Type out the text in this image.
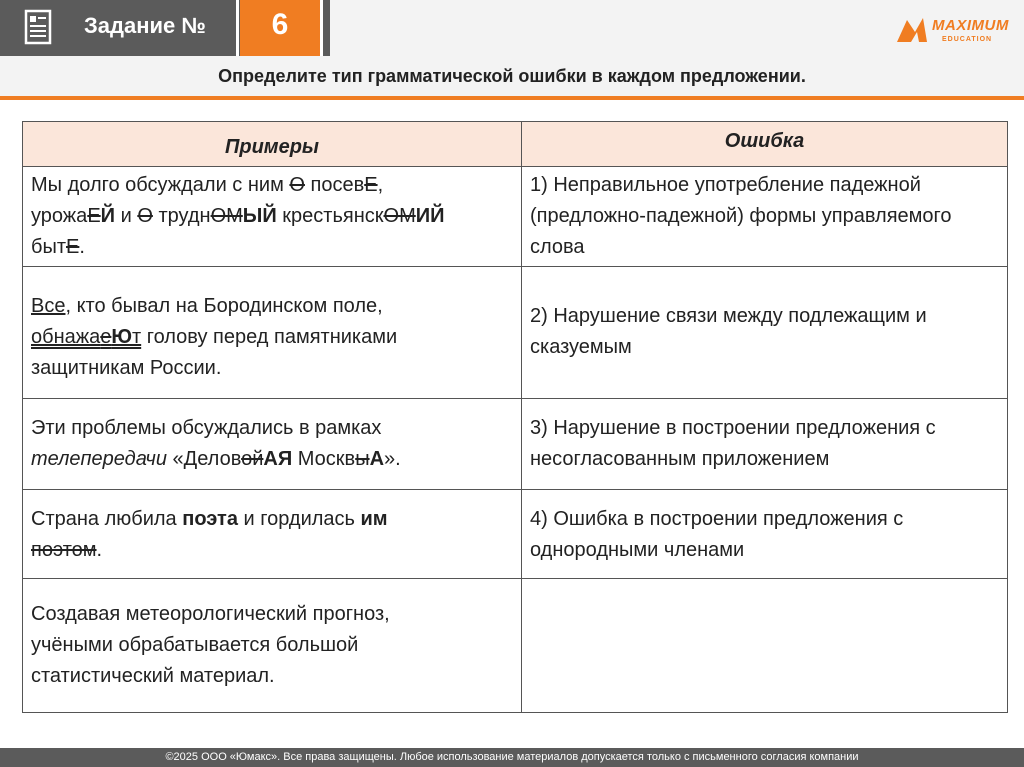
Задание №	6	MAXIMUM
EDUCATION
Определите тип грамматической ошибки в каждом предложении.
Примеры	Ошибка
Мы долго обсуждали с ним О посевЕ,
урожаЕЙ и О труднОМЫЙ крестьянскОМИЙ
бытЕ.	1) Неправильное употребление падежной (предложно-падежной) формы управляемого слова
Все, кто бывал на Бородинском поле,
обнажаеЮт голову перед памятниками
защитникам России.	2) Нарушение связи между подлежащим и сказуемым
Эти проблемы обсуждались в рамках
телепередачи «ДеловойАЯ МосквыА».	3) Нарушение в построении предложения с несогласованным приложением
Страна любила поэта и гордилась им
поэтом.	4) Ошибка в построении предложения с однородными членами
Создавая метеорологический прогноз,
учёными обрабатывается большой
статистический материал.	
©2025 ООО «Юмакс». Все права защищены. Любое использование материалов допускается только с письменного согласия компании
